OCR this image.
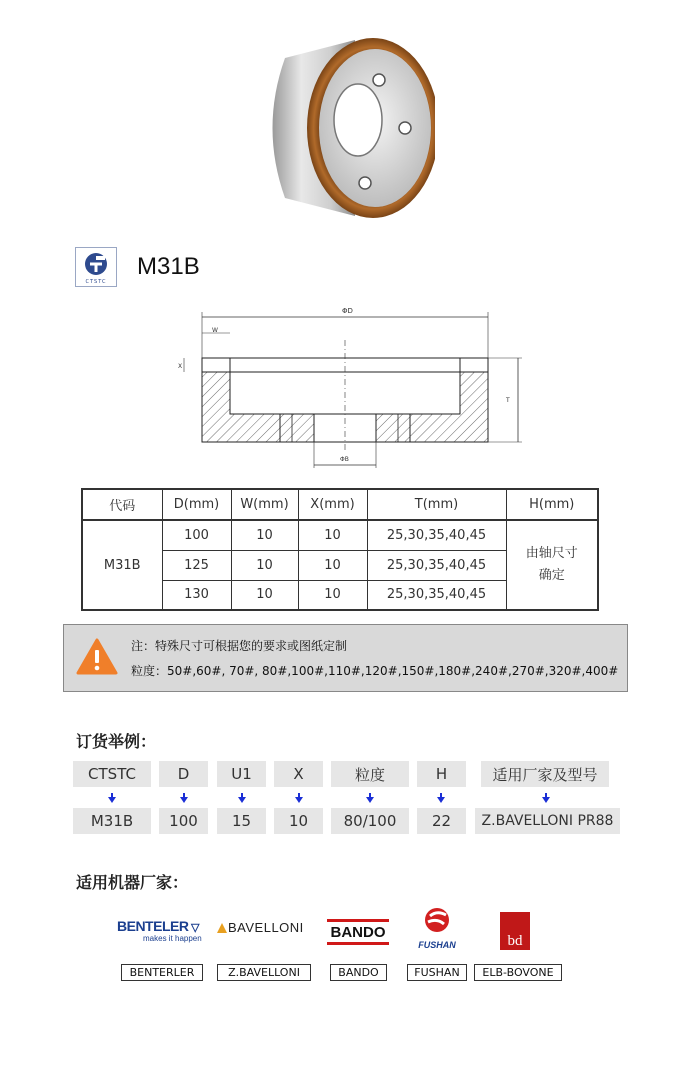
CTSTC
M31B
ΦD
W
X
T
ΦB
代码	D(mm)	W(mm)	X(mm)	T(mm)	H(mm)
M31B	100	10	10	25,30,35,40,45	由轴尺寸确定
	125	10	10	25,30,35,40,45	
	130	10	10	25,30,35,40,45	
注：特殊尺寸可根据您的要求或图纸定制
粒度：50#,60#, 70#, 80#,100#,110#,120#,150#,180#,240#,270#,320#,400#
订货举例：
CTSTC	D	U1	X	粒度	H	适用厂家及型号
M31B	100	15	10	80/100	22	Z.BAVELLONI PR88
适用机器厂家：
BENTELER ▽
makes it happen
BAVELLONI BANDO
FUSHAN	bd
BENTERLER	Z.BAVELLONI	BANDO	FUSHAN	ELB-BOVONE
